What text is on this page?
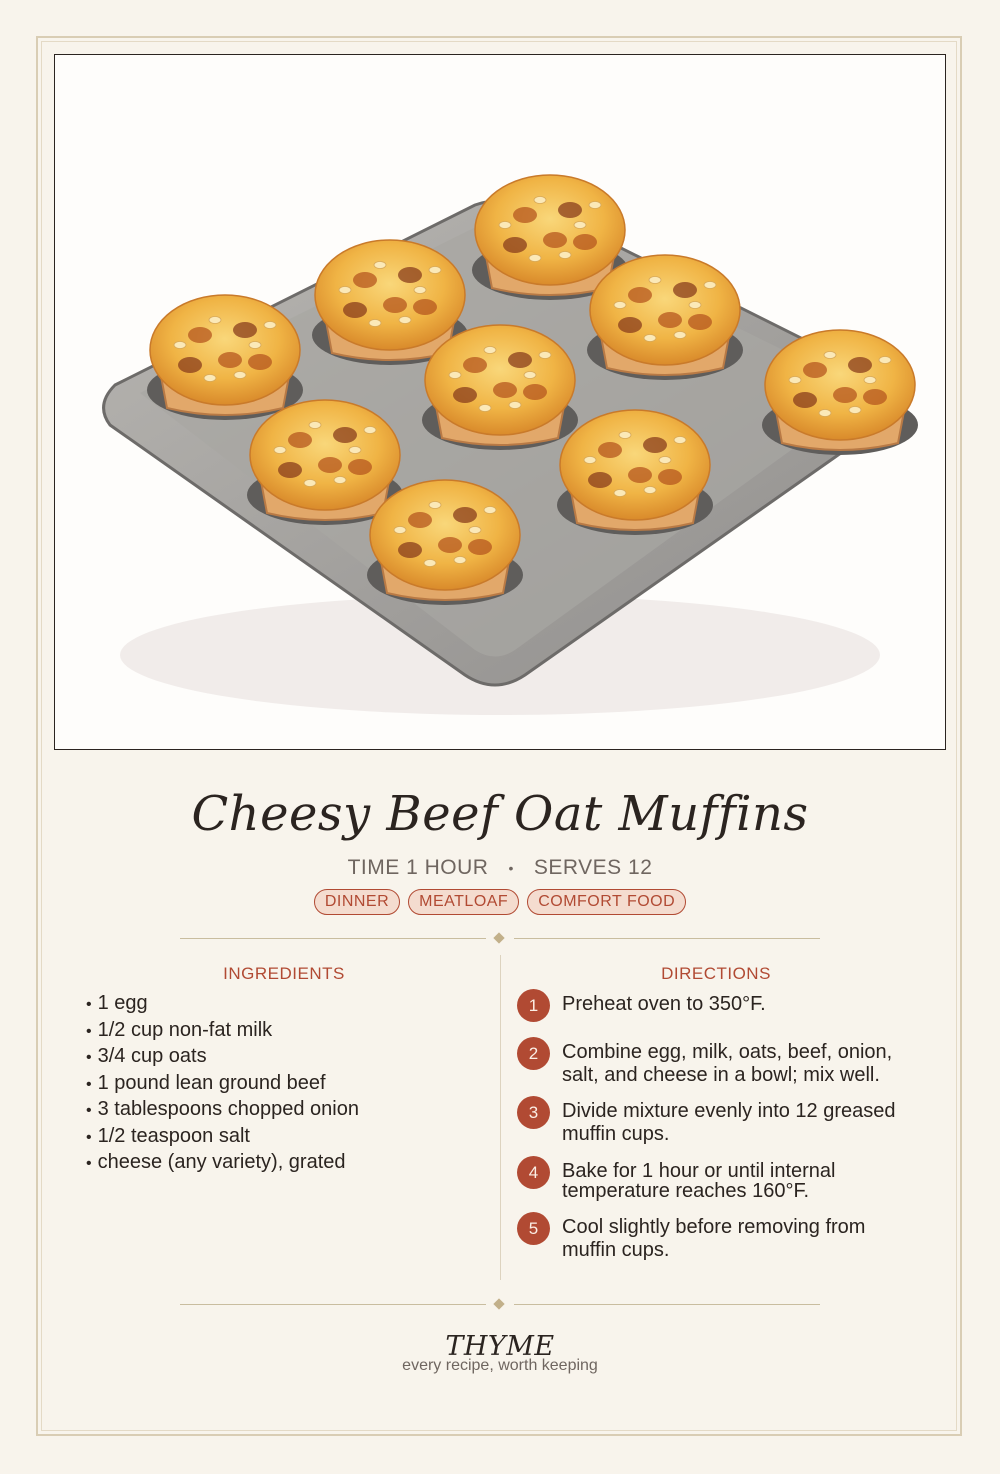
Cheesy Beef Oat Muffins
TIME 1 HOUR • SERVES 12
DINNER MEATLOAF COMFORT FOOD
INGREDIENTS	DIRECTIONS
• 1 egg
• 1/2 cup non-fat milk
• 3/4 cup oats
• 1 pound lean ground beef
• 3 tablespoons chopped onion
• 1/2 teaspoon salt
• cheese (any variety), grated
1	Preheat oven to 350°F.
2	Combine egg, milk, oats, beef, onion, salt, and cheese in a bowl; mix well.
3	Divide mixture evenly into 12 greased muffin cups.
4	Bake for 1 hour or until internal temperature reaches 160°F.
5	Cool slightly before removing from muffin cups.
THYME
every recipe, worth keeping
